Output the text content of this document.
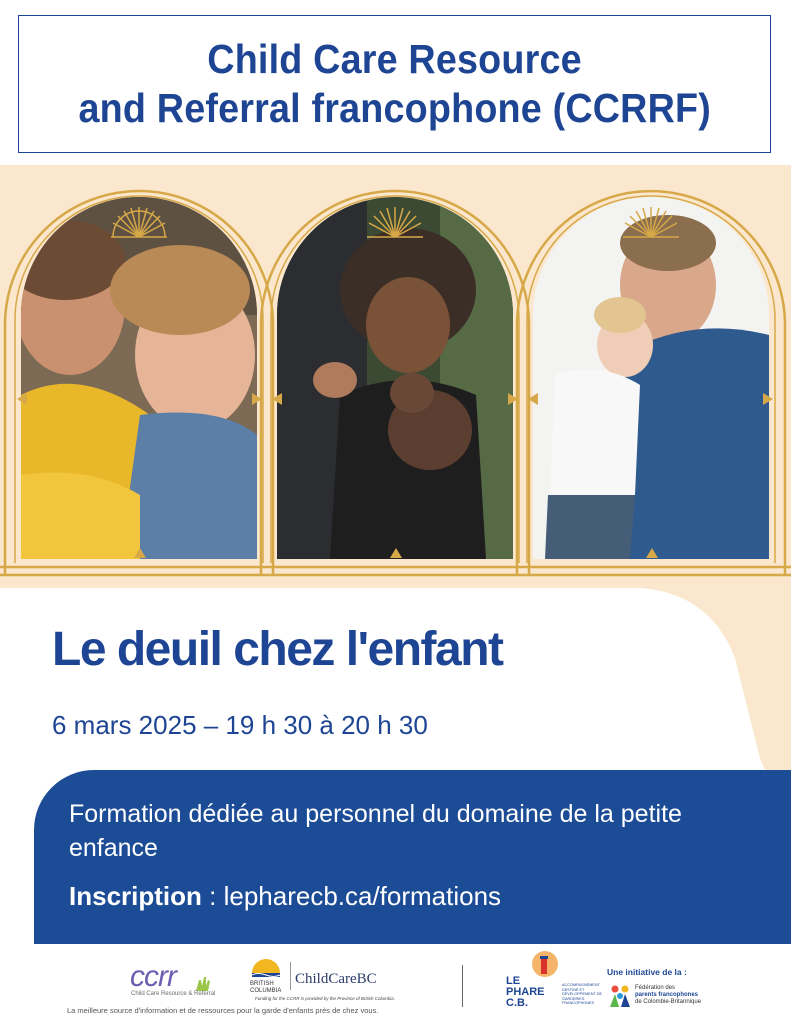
Child Care Resource
and Referral francophone (CCRRF)
Le deuil chez l'enfant
6 mars 2025 – 19 h 30 à 20 h 30
Formation dédiée au personnel du domaine de la petite enfance
Inscription : lepharecb.ca/formations
ccrr
Child Care Resource & Referral
BRITISH COLUMBIA
ChildCareBC
Funding for the CCRR is provided by the Province of British Columbia.
La meilleure source d'information et de ressources pour la garde d'enfants près de chez vous.
LE
PHARE
C.B.
ACCOMPAGNEMENT DESTINÉ ET DÉVELOPPEMENT DE GARDERIES FRANCOPHONES
Une initiative de la :
Fédération des
parents francophones
de Colombie-Britannique
